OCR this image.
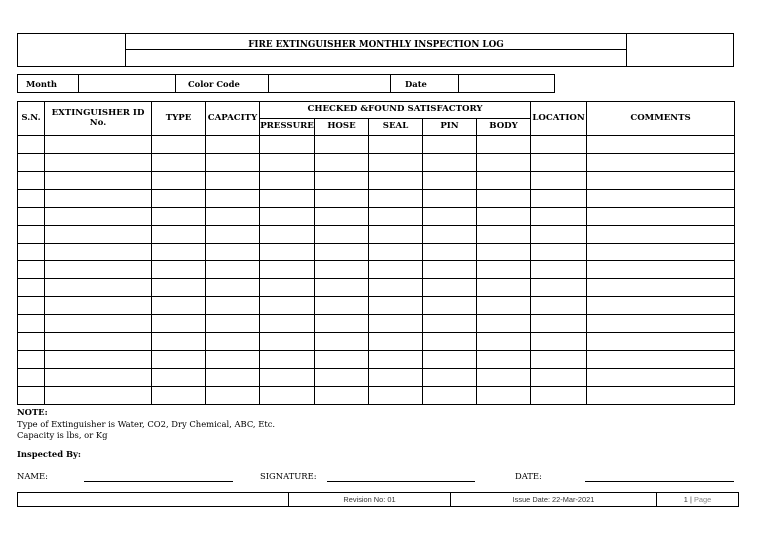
FIRE EXTINGUISHER MONTHLY INSPECTION LOG
Month		Color Code		Date	
S.N.	EXTINGUISHER ID No.	TYPE	CAPACITY	CHECKED &FOUND SATISFACTORY					LOCATION	COMMENTS
				PRESSURE	HOSE	SEAL	PIN	BODY		

NOTE:
Type of Extinguisher is Water, CO2, Dry Chemical, ABC, Etc.
Capacity is lbs, or Kg
Inspected By:
NAME:	SIGNATURE:	DATE:
	Revision No: 01	Issue Date: 22-Mar-2021	1 | Page
